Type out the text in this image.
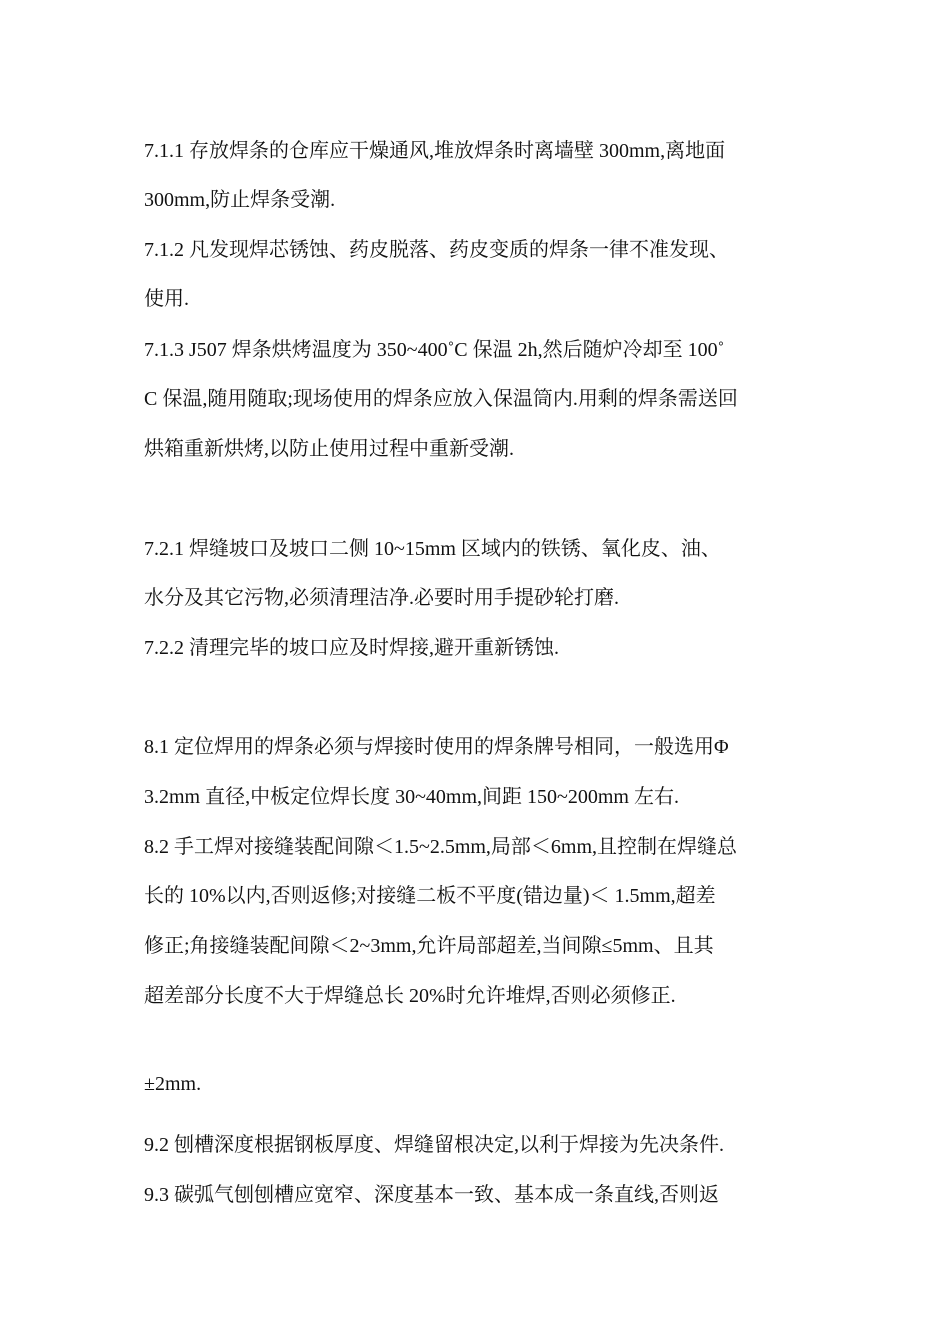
7.1.1 存放焊条的仓库应干燥通风,堆放焊条时离墙壁 300mm,离地面
300mm,防止焊条受潮.
7.1.2 凡发现焊芯锈蚀、药皮脱落、药皮变质的焊条一律不准发现、
使用.
7.1.3 J507 焊条烘烤温度为 350~400˚C 保温 2h,然后随炉冷却至 100˚
C 保温,随用随取;现场使用的焊条应放入保温筒内.用剩的焊条需送回
烘箱重新烘烤,以防止使用过程中重新受潮.
7.2.1 焊缝坡口及坡口二侧 10~15mm 区域内的铁锈、氧化皮、油、
水分及其它污物,必须清理洁净.必要时用手提砂轮打磨.
7.2.2 清理完毕的坡口应及时焊接,避开重新锈蚀.
8.1 定位焊用的焊条必须与焊接时使用的焊条牌号相同，一般选用Φ
3.2mm 直径,中板定位焊长度 30~40mm,间距 150~200mm 左右.
8.2 手工焊对接缝装配间隙＜1.5~2.5mm,局部＜6mm,且控制在焊缝总
长的 10%以内,否则返修;对接缝二板不平度(错边量)＜ 1.5mm,超差
修正;角接缝装配间隙＜2~3mm,允许局部超差,当间隙≤5mm、且其
超差部分长度不大于焊缝总长 20%时允许堆焊,否则必须修正.
±2mm.
9.2 刨槽深度根据钢板厚度、焊缝留根决定,以利于焊接为先决条件.
9.3 碳弧气刨刨槽应宽窄、深度基本一致、基本成一条直线,否则返
